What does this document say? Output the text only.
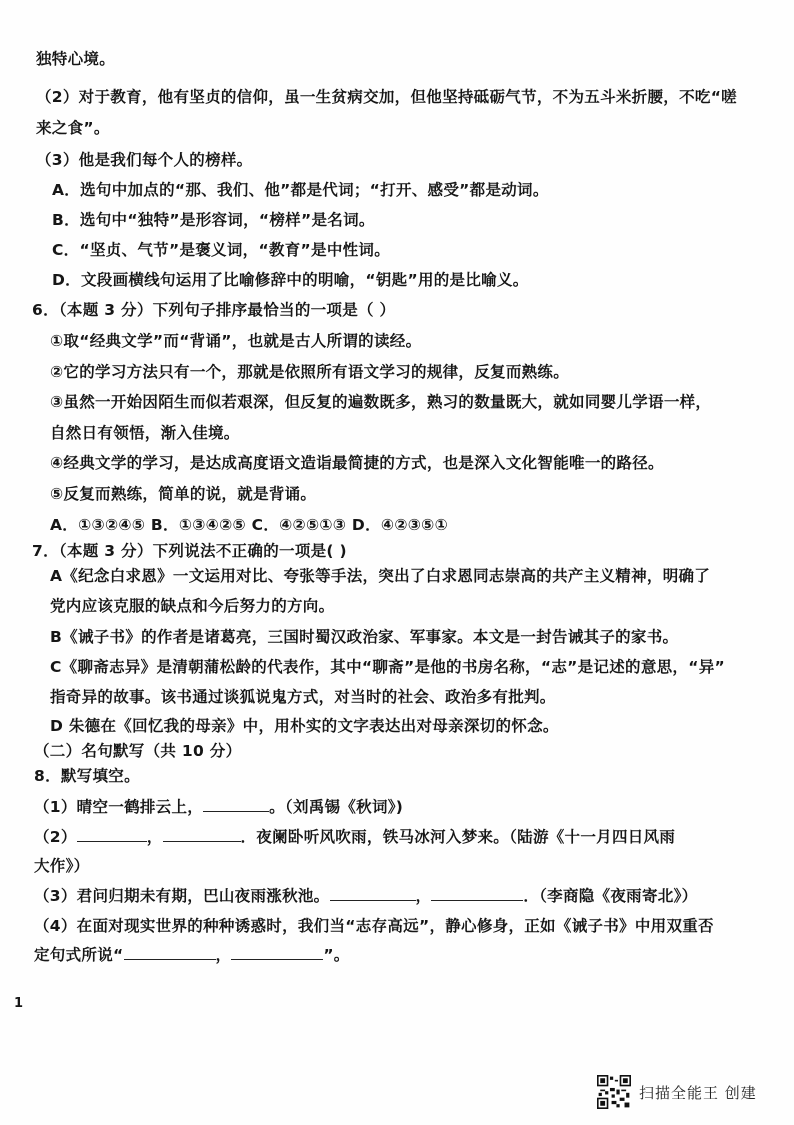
独特心境。
（2）对于教育，他有坚贞的信仰，虽一生贫病交加，但他坚持砥砺气节，不为五斗米折腰，不吃“嗟
来之食”。
（3）他是我们每个人的榜样。
A．选句中加点的“那、我们、他”都是代词；“打开、感受”都是动词。
B．选句中“独特”是形容词，“榜样”是名词。
C．“坚贞、气节”是褒义词，“教育”是中性词。
D．文段画横线句运用了比喻修辞中的明喻，“钥匙”用的是比喻义。
6．（本题 3 分）下列句子排序最恰当的一项是（ ）
①取“经典文学”而“背诵”，也就是古人所谓的读经。
②它的学习方法只有一个，那就是依照所有语文学习的规律，反复而熟练。
③虽然一开始因陌生而似若艰深，但反复的遍数既多，熟习的数量既大，就如同婴儿学语一样，
自然日有领悟，渐入佳境。
④经典文学的学习，是达成高度语文造诣最简捷的方式，也是深入文化智能唯一的路径。
⑤反复而熟练，简单的说，就是背诵。
A．①③②④⑤ B．①③④②⑤ C．④②⑤①③ D．④②③⑤①
7．（本题 3 分）下列说法不正确的一项是( )
A《纪念白求恩》一文运用对比、夸张等手法，突出了白求恩同志崇高的共产主义精神，明确了
党内应该克服的缺点和今后努力的方向。
B《诫子书》的作者是诸葛亮，三国时蜀汉政治家、军事家。本文是一封告诫其子的家书。
C《聊斋志异》是清朝蒲松龄的代表作，其中“聊斋”是他的书房名称，“志”是记述的意思，“异”
指奇异的故事。该书通过谈狐说鬼方式，对当时的社会、政治多有批判。
D 朱德在《回忆我的母亲》中，用朴实的文字表达出对母亲深切的怀念。
（二）名句默写（共 10 分）
8．默写填空。
（1）晴空一鹤排云上，	。（刘禹锡《秋词》)
（2）	，	．夜阑卧听风吹雨，铁马冰河入梦来。（陆游《十一月四日风雨
大作》）
（3）君问归期未有期，巴山夜雨涨秋池。	，	．（李商隐《夜雨寄北》）
（4）在面对现实世界的种种诱惑时，我们当“志存高远”，静心修身，正如《诫子书》中用双重否
定句式所说“	，	”。
1
扫描全能王 创建
